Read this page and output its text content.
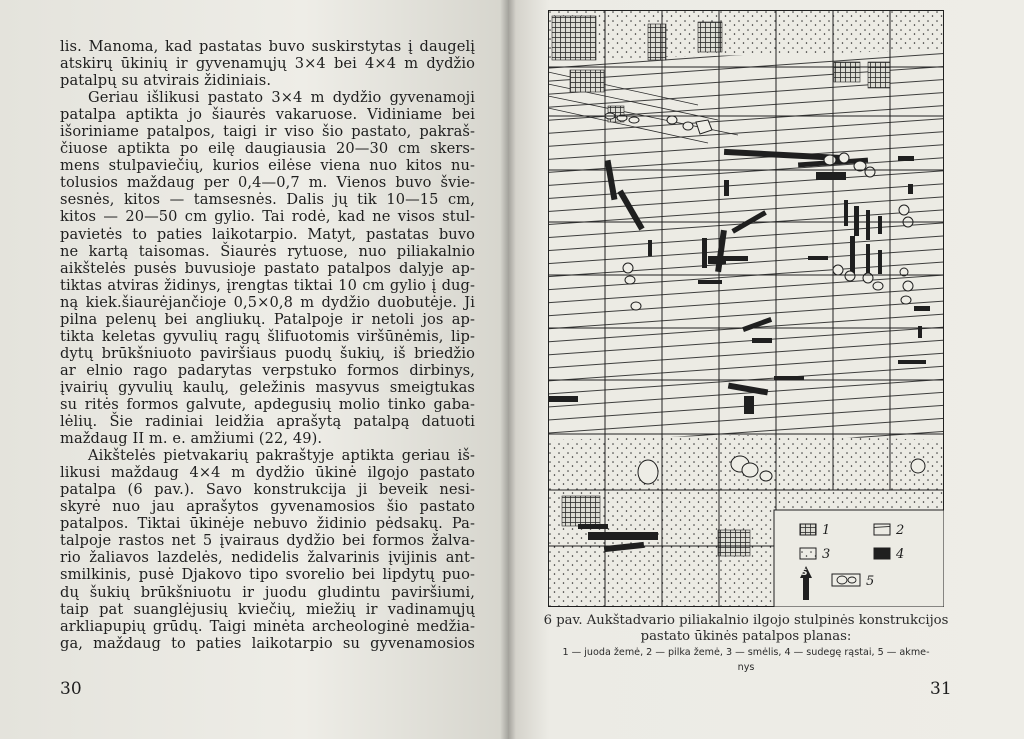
lis. Manoma, kad pastatas buvo suskirstytas į daugelį
atskirų ūkinių ir gyvenamųjų 3×4 bei 4×4 m dydžio
patalpų su atvirais židiniais.
Geriau išlikusi pastato 3×4 m dydžio gyvenamoji
patalpa aptikta jo šiaurės vakaruose. Vidiniame bei
išoriniame patalpos, taigi ir viso šio pastato, pakraš-
čiuose aptikta po eilę daugiausia 20—30 cm skers-
mens stulpaviečių, kurios eilėse viena nuo kitos nu-
tolusios maždaug per 0,4—0,7 m. Vienos buvo švie-
sesnės, kitos — tamsesnės. Dalis jų tik 10—15 cm,
kitos — 20—50 cm gylio. Tai rodė, kad ne visos stul-
pavietės to paties laikotarpio. Matyt, pastatas buvo
ne kartą taisomas. Šiaurės rytuose, nuo piliakalnio
aikštelės pusės buvusioje pastato patalpos dalyje ap-
tiktas atviras židinys, įrengtas tiktai 10 cm gylio į dug-
ną kiek.šiaurėjančioje 0,5×0,8 m dydžio duobutėje. Ji
pilna pelenų bei angliukų. Patalpoje ir netoli jos ap-
tikta keletas gyvulių ragų šlifuotomis viršūnėmis, lip-
dytų brūkšniuoto paviršiaus puodų šukių, iš briedžio
ar elnio rago padarytas verpstuko formos dirbinys,
įvairių gyvulių kaulų, geležinis masyvus smeigtukas
su ritės formos galvute, apdegusių molio tinko gaba-
lėlių. Šie radiniai leidžia aprašytą patalpą datuoti
maždaug II m. e. amžiumi (22, 49).
Aikštelės pietvakarių pakraštyje aptikta geriau iš-
likusi maždaug 4×4 m dydžio ūkinė ilgojo pastato
patalpa (6 pav.). Savo konstrukcija ji beveik nesi-
skyrė nuo jau aprašytos gyvenamosios šio pastato
patalpos. Tiktai ūkinėje nebuvo židinio pėdsakų. Pa-
talpoje rastos net 5 įvairaus dydžio bei formos žalva-
rio žaliavos lazdelės, nedidelis žalvarinis įvijinis ant-
smilkinis, pusė Djakovo tipo svorelio bei lipdytų puo-
dų šukių brūkšniuotu ir juodu gludintu paviršiumi,
taip pat suanglėjusių kviečių, miežių ir vadinamųjų
arkliapupių grūdų. Taigi minėta archeologinė medžia-
ga, maždaug to paties laikotarpio su gyvenamosios
30
1	2
3	4
5
Š
6 pav. Aukštadvario piliakalnio ilgojo stulpinės konstrukcijos
pastato ūkinės patalpos planas:
1 — juoda žemė, 2 — pilka žemė, 3 — smėlis, 4 — sudegę rąstai, 5 — akme-
nys
31
